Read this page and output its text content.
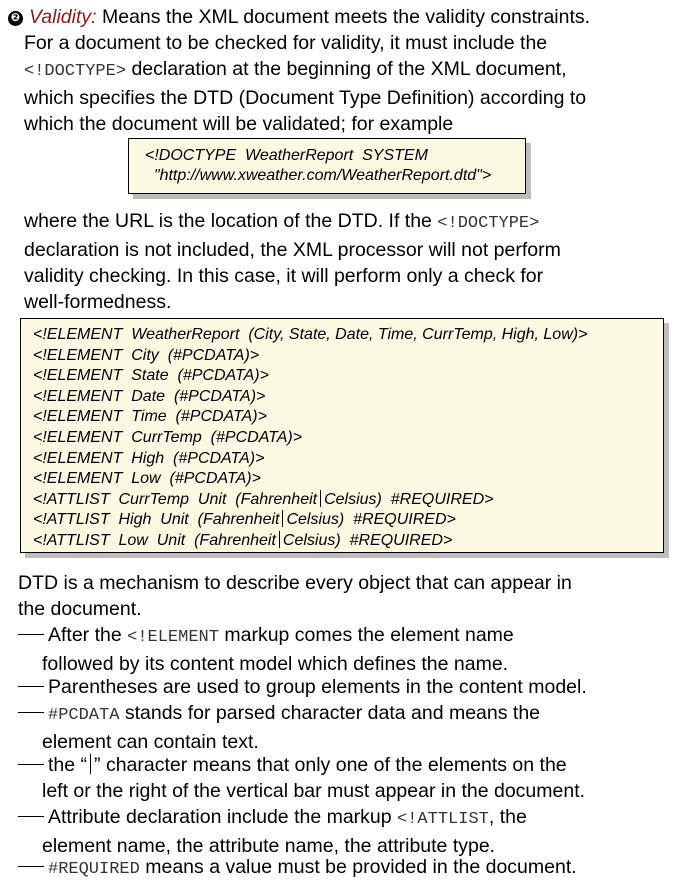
❷ Validity: Means the XML document meets the validity constraints.
For a document to be checked for validity, it must include the
<!DOCTYPE> declaration at the beginning of the XML document,
which specifies the DTD (Document Type Definition) according to
which the document will be validated; for example
<!DOCTYPE  WeatherReport  SYSTEM
"http://www.xweather.com/WeatherReport.dtd">
where the URL is the location of the DTD. If the <!DOCTYPE>
declaration is not included, the XML processor will not perform
validity checking. In this case, it will perform only a check for
well-formedness.
<!ELEMENT  WeatherReport  (City, State, Date, Time, CurrTemp, High, Low)>
<!ELEMENT  City  (#PCDATA)>
<!ELEMENT  State  (#PCDATA)>
<!ELEMENT  Date  (#PCDATA)>
<!ELEMENT  Time  (#PCDATA)>
<!ELEMENT  CurrTemp  (#PCDATA)>
<!ELEMENT  High  (#PCDATA)>
<!ELEMENT  Low  (#PCDATA)>
<!ATTLIST  CurrTemp  Unit  (Fahrenheit Celsius)  #REQUIRED>
<!ATTLIST  High  Unit  (Fahrenheit Celsius)  #REQUIRED>
<!ATTLIST  Low  Unit  (Fahrenheit Celsius)  #REQUIRED>
DTD is a mechanism to describe every object that can appear in
the document.
After the <!ELEMENT markup comes the element name
followed by its content model which defines the name.
Parentheses are used to group elements in the content model.
#PCDATA stands for parsed character data and means the
element can contain text.
the “ ” character means that only one of the elements on the
left or the right of the vertical bar must appear in the document.
Attribute declaration include the markup <!ATTLIST, the
element name, the attribute name, the attribute type.
#REQUIRED means a value must be provided in the document.
